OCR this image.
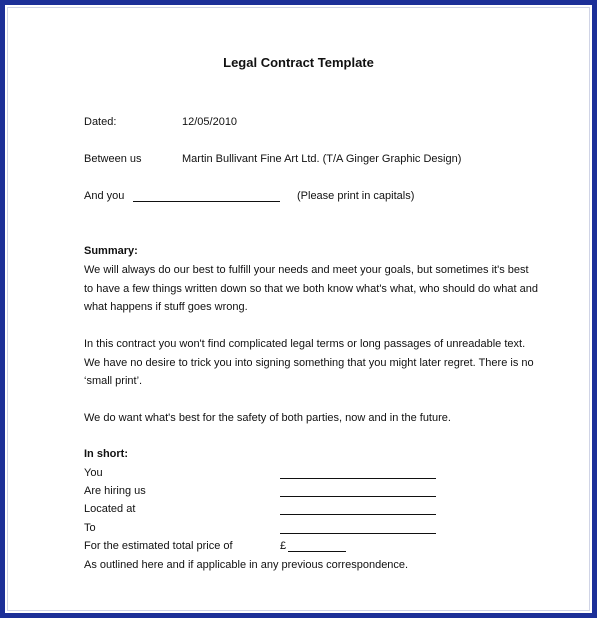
Legal Contract Template
Dated:	12/05/2010
Between us	Martin Bullivant Fine Art Ltd. (T/A Ginger Graphic Design)
And you	(Please print in capitals)
Summary:
We will always do our best to fulfill your needs and meet your goals, but sometimes it's best
to have a few things written down so that we both know what's what, who should do what and
what happens if stuff goes wrong.
In this contract you won't find complicated legal terms or long passages of unreadable text.
We have no desire to trick you into signing something that you might later regret. There is no
‘small print’.
We do want what's best for the safety of both parties, now and in the future.
In short:
You
Are hiring us
Located at
To
For the estimated total price of	£
As outlined here and if applicable in any previous correspondence.
